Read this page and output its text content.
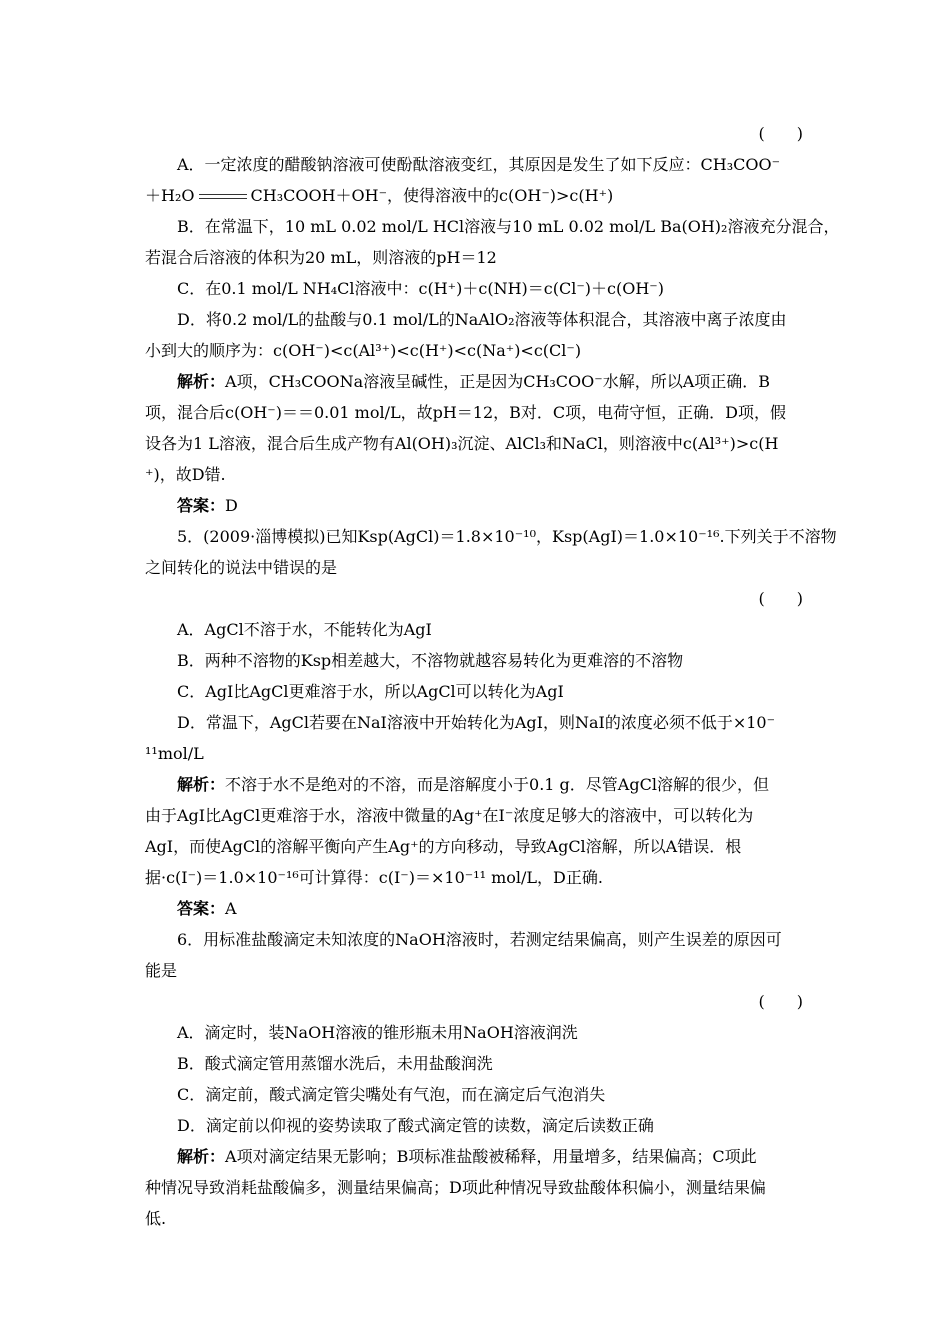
(　　)
A．一定浓度的醋酸钠溶液可使酚酞溶液变红，其原因是发生了如下反应：CH₃COO⁻
＋H₂O	CH₃COOH＋OH⁻，使得溶液中的c(OH⁻)>c(H⁺)
B．在常温下，10 mL 0.02 mol/L HCl溶液与10 mL 0.02 mol/L Ba(OH)₂溶液充分混合，
若混合后溶液的体积为20 mL，则溶液的pH＝12
C．在0.1 mol/L NH₄Cl溶液中：c(H⁺)＋c(NH)＝c(Cl⁻)＋c(OH⁻)
D．将0.2 mol/L的盐酸与0.1 mol/L的NaAlO₂溶液等体积混合，其溶液中离子浓度由
小到大的顺序为：c(OH⁻)<c(Al³⁺)<c(H⁺)<c(Na⁺)<c(Cl⁻)
解析：A项，CH₃COONa溶液呈碱性，正是因为CH₃COO⁻水解，所以A项正确．B
项，混合后c(OH⁻)＝＝0.01 mol/L，故pH＝12，B对．C项，电荷守恒，正确．D项，假
设各为1 L溶液，混合后生成产物有Al(OH)₃沉淀、AlCl₃和NaCl，则溶液中c(Al³⁺)>c(H
⁺)，故D错.
答案：D
5．(2009·淄博模拟)已知Ksp(AgCl)＝1.8×10⁻¹⁰，Ksp(AgI)＝1.0×10⁻¹⁶.下列关于不溶物
之间转化的说法中错误的是
(　　)
A．AgCl不溶于水，不能转化为AgI
B．两种不溶物的Ksp相差越大，不溶物就越容易转化为更难溶的不溶物
C．AgI比AgCl更难溶于水，所以AgCl可以转化为AgI
D．常温下，AgCl若要在NaI溶液中开始转化为AgI，则NaI的浓度必须不低于×10⁻
¹¹mol/L
解析：不溶于水不是绝对的不溶，而是溶解度小于0.1 g．尽管AgCl溶解的很少，但
由于AgI比AgCl更难溶于水，溶液中微量的Ag⁺在I⁻浓度足够大的溶液中，可以转化为
AgI，而使AgCl的溶解平衡向产生Ag⁺的方向移动，导致AgCl溶解，所以A错误．根
据·c(I⁻)＝1.0×10⁻¹⁶可计算得：c(I⁻)＝×10⁻¹¹ mol/L，D正确.
答案：A
6．用标准盐酸滴定未知浓度的NaOH溶液时，若测定结果偏高，则产生误差的原因可
能是
(　　)
A．滴定时，装NaOH溶液的锥形瓶未用NaOH溶液润洗
B．酸式滴定管用蒸馏水洗后，未用盐酸润洗
C．滴定前，酸式滴定管尖嘴处有气泡，而在滴定后气泡消失
D．滴定前以仰视的姿势读取了酸式滴定管的读数，滴定后读数正确
解析：A项对滴定结果无影响；B项标准盐酸被稀释，用量增多，结果偏高；C项此
种情况导致消耗盐酸偏多，测量结果偏高；D项此种情况导致盐酸体积偏小，测量结果偏
低.
